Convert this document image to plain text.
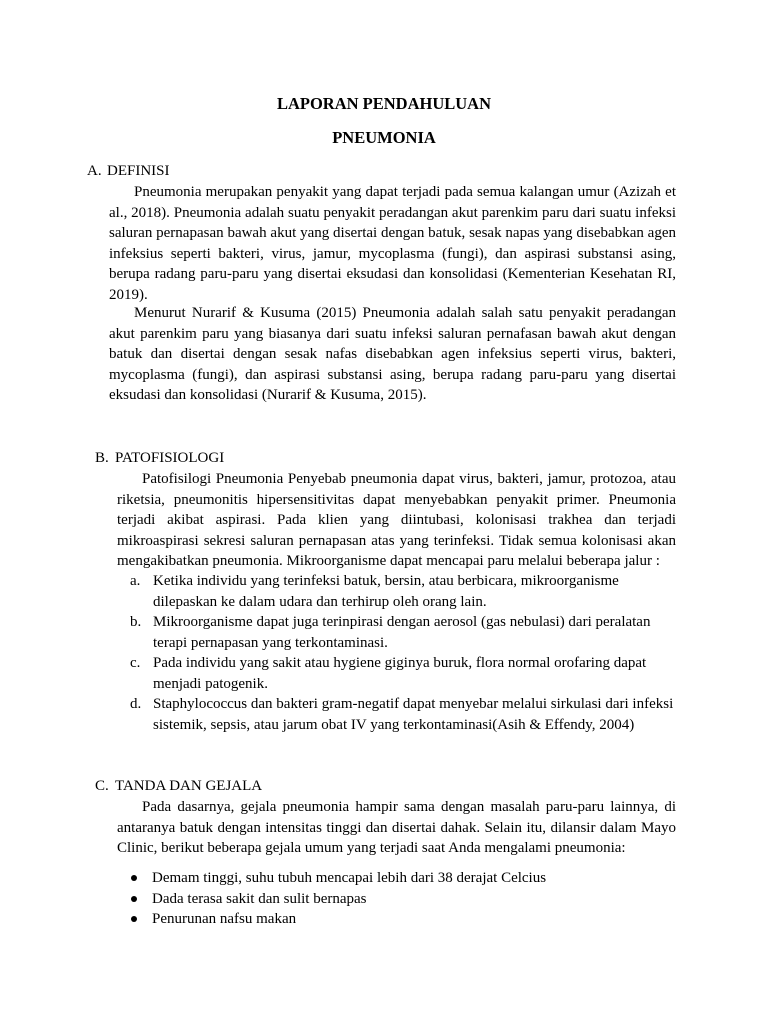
LAPORAN PENDAHULUAN
PNEUMONIA
A. DEFINISI

Pneumonia merupakan penyakit yang dapat terjadi pada semua kalangan umur (Azizah et al., 2018). Pneumonia adalah suatu penyakit peradangan akut parenkim paru dari suatu infeksi saluran pernapasan bawah akut yang disertai dengan batuk, sesak napas yang disebabkan agen infeksius seperti bakteri, virus, jamur, mycoplasma (fungi), dan aspirasi substansi asing, berupa radang paru-paru yang disertai eksudasi dan konsolidasi (Kementerian Kesehatan RI, 2019).

Menurut Nurarif & Kusuma (2015) Pneumonia adalah salah satu penyakit peradangan akut parenkim paru yang biasanya dari suatu infeksi saluran pernafasan bawah akut dengan batuk dan disertai dengan sesak nafas disebabkan agen infeksius seperti virus, bakteri, mycoplasma (fungi), dan aspirasi substansi asing, berupa radang paru-paru yang disertai eksudasi dan konsolidasi (Nurarif & Kusuma, 2015).

B. PATOFISIOLOGI

Patofisilogi Pneumonia Penyebab pneumonia dapat virus, bakteri, jamur, protozoa, atau riketsia, pneumonitis hipersensitivitas dapat menyebabkan penyakit primer. Pneumonia terjadi akibat aspirasi. Pada klien yang diintubasi, kolonisasi trakhea dan terjadi mikroaspirasi sekresi saluran pernapasan atas yang terinfeksi. Tidak semua kolonisasi akan mengakibatkan pneumonia. Mikroorganisme dapat mencapai paru melalui beberapa jalur :

a. Ketika individu yang terinfeksi batuk, bersin, atau berbicara, mikroorganisme dilepaskan ke dalam udara dan terhirup oleh orang lain.
b. Mikroorganisme dapat juga terinpirasi dengan aerosol (gas nebulasi) dari peralatan terapi pernapasan yang terkontaminasi.
c. Pada individu yang sakit atau hygiene giginya buruk, flora normal orofaring dapat menjadi patogenik.
d. Staphylococcus dan bakteri gram-negatif dapat menyebar melalui sirkulasi dari infeksi sistemik, sepsis, atau jarum obat IV yang terkontaminasi(Asih & Effendy, 2004)
C. TANDA DAN GEJALA

Pada dasarnya, gejala pneumonia hampir sama dengan masalah paru-paru lainnya, di antaranya batuk dengan intensitas tinggi dan disertai dahak. Selain itu, dilansir dalam Mayo Clinic, berikut beberapa gejala umum yang terjadi saat Anda mengalami pneumonia:

Demam tinggi, suhu tubuh mencapai lebih dari 38 derajat Celcius
Dada terasa sakit dan sulit bernapas
Penurunan nafsu makan
